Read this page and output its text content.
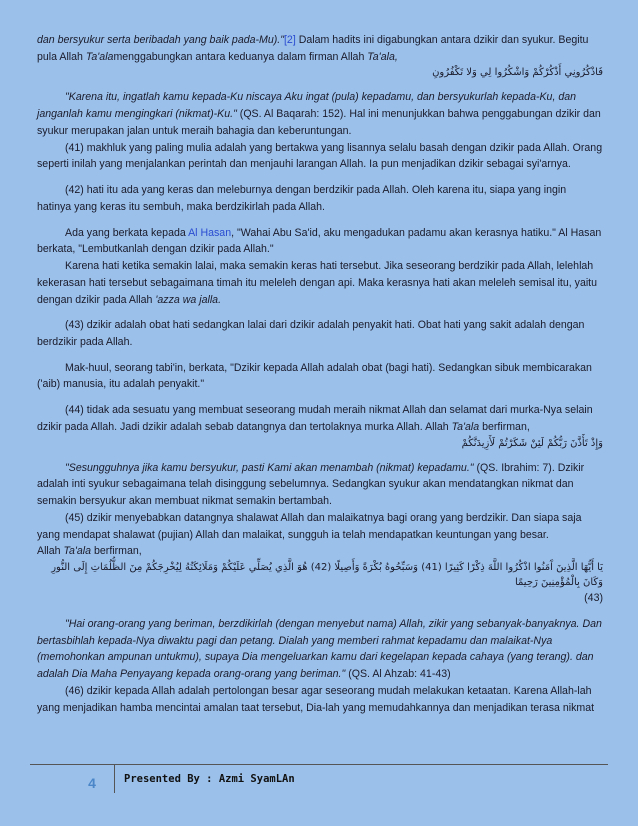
dan bersyukur serta beribadah yang baik pada-Mu)."[2] Dalam hadits ini digabungkan antara dzikir dan syukur. Begitu pula Allah Ta'alamenggabungkan antara keduanya dalam firman Allah Ta'ala,
فَاذْكُرُونِي أَذْكُرْكُمْ وَاشْكُرُوا لِي وَلا تَكْفُرُونِ
"Karena itu, ingatlah kamu kepada-Ku niscaya Aku ingat (pula) kepadamu, dan bersyukurlah kepada-Ku, dan janganlah kamu mengingkari (nikmat)-Ku." (QS. Al Baqarah: 152). Hal ini menunjukkan bahwa penggabungan dzikir dan syukur merupakan jalan untuk meraih bahagia dan keberuntungan.
(41) makhluk yang paling mulia adalah yang bertakwa yang lisannya selalu basah dengan dzikir pada Allah. Orang seperti inilah yang menjalankan perintah dan menjauhi larangan Allah. Ia pun menjadikan dzikir sebagai syi'arnya.
(42) hati itu ada yang keras dan meleburnya dengan berdzikir pada Allah. Oleh karena itu, siapa yang ingin hatinya yang keras itu sembuh, maka berdzikirlah pada Allah.
Ada yang berkata kepada Al Hasan, "Wahai Abu Sa'id, aku mengadukan padamu akan kerasnya hatiku." Al Hasan berkata, "Lembutkanlah dengan dzikir pada Allah."
Karena hati ketika semakin lalai, maka semakin keras hati tersebut. Jika seseorang berdzikir pada Allah, lelehlah kekerasan hati tersebut sebagaimana timah itu meleleh dengan api. Maka kerasnya hati akan meleleh semisal itu, yaitu dengan dzikir pada Allah 'azza wa jalla.
(43) dzikir adalah obat hati sedangkan lalai dari dzikir adalah penyakit hati. Obat hati yang sakit adalah dengan berdzikir pada Allah.
Mak-huul, seorang tabi'in, berkata, "Dzikir kepada Allah adalah obat (bagi hati). Sedangkan sibuk membicarakan ('aib) manusia, itu adalah penyakit."
(44) tidak ada sesuatu yang membuat seseorang mudah meraih nikmat Allah dan selamat dari murka-Nya selain dzikir pada Allah. Jadi dzikir adalah sebab datangnya dan tertolaknya murka Allah. Allah Ta'ala berfirman,
وَإِذْ تَأَذَّنَ رَبُّكُمْ لَئِنْ شَكَرْتُمْ لَأَزِيدَنَّكُمْ
"Sesungguhnya jika kamu bersyukur, pasti Kami akan menambah (nikmat) kepadamu." (QS. Ibrahim: 7). Dzikir adalah inti syukur sebagaimana telah disinggung sebelumnya. Sedangkan syukur akan mendatangkan nikmat dan semakin bersyukur akan membuat nikmat semakin bertambah.
(45) dzikir menyebabkan datangnya shalawat Allah dan malaikatnya bagi orang yang berdzikir. Dan siapa saja yang mendapat shalawat (pujian) Allah dan malaikat, sungguh ia telah mendapatkan keuntungan yang besar.
Allah Ta'ala berfirman,
يَا أَيُّهَا الَّذِينَ آَمَنُوا اذْكُرُوا اللَّهَ ذِكْرًا كَثِيرًا (41) وَسَبِّحُوهُ بُكْرَةً وَأَصِيلًا (42) هُوَ الَّذِي يُصَلِّي عَلَيْكُمْ وَمَلَائِكَتُهُ لِيُخْرِجَكُمْ مِنَ الظُّلُمَاتِ إِلَى النُّورِ وَكَانَ بِالْمُؤْمِنِينَ رَحِيمًا
(43)
"Hai orang-orang yang beriman, berzdikirlah (dengan menyebut nama) Allah, zikir yang sebanyak-banyaknya. Dan bertasbihlah kepada-Nya diwaktu pagi dan petang. Dialah yang memberi rahmat kepadamu dan malaikat-Nya (memohonkan ampunan untukmu), supaya Dia mengeluarkan kamu dari kegelapan kepada cahaya (yang terang). dan adalah Dia Maha Penyayang kepada orang-orang yang beriman." (QS. Al Ahzab: 41-43)
(46) dzikir kepada Allah adalah pertolongan besar agar seseorang mudah melakukan ketaatan. Karena Allah-lah yang menjadikan hamba mencintai amalan taat tersebut, Dia-lah yang memudahkannya dan menjadikan terasa nikmat
4	Presented By : Azmi SyamLAn
